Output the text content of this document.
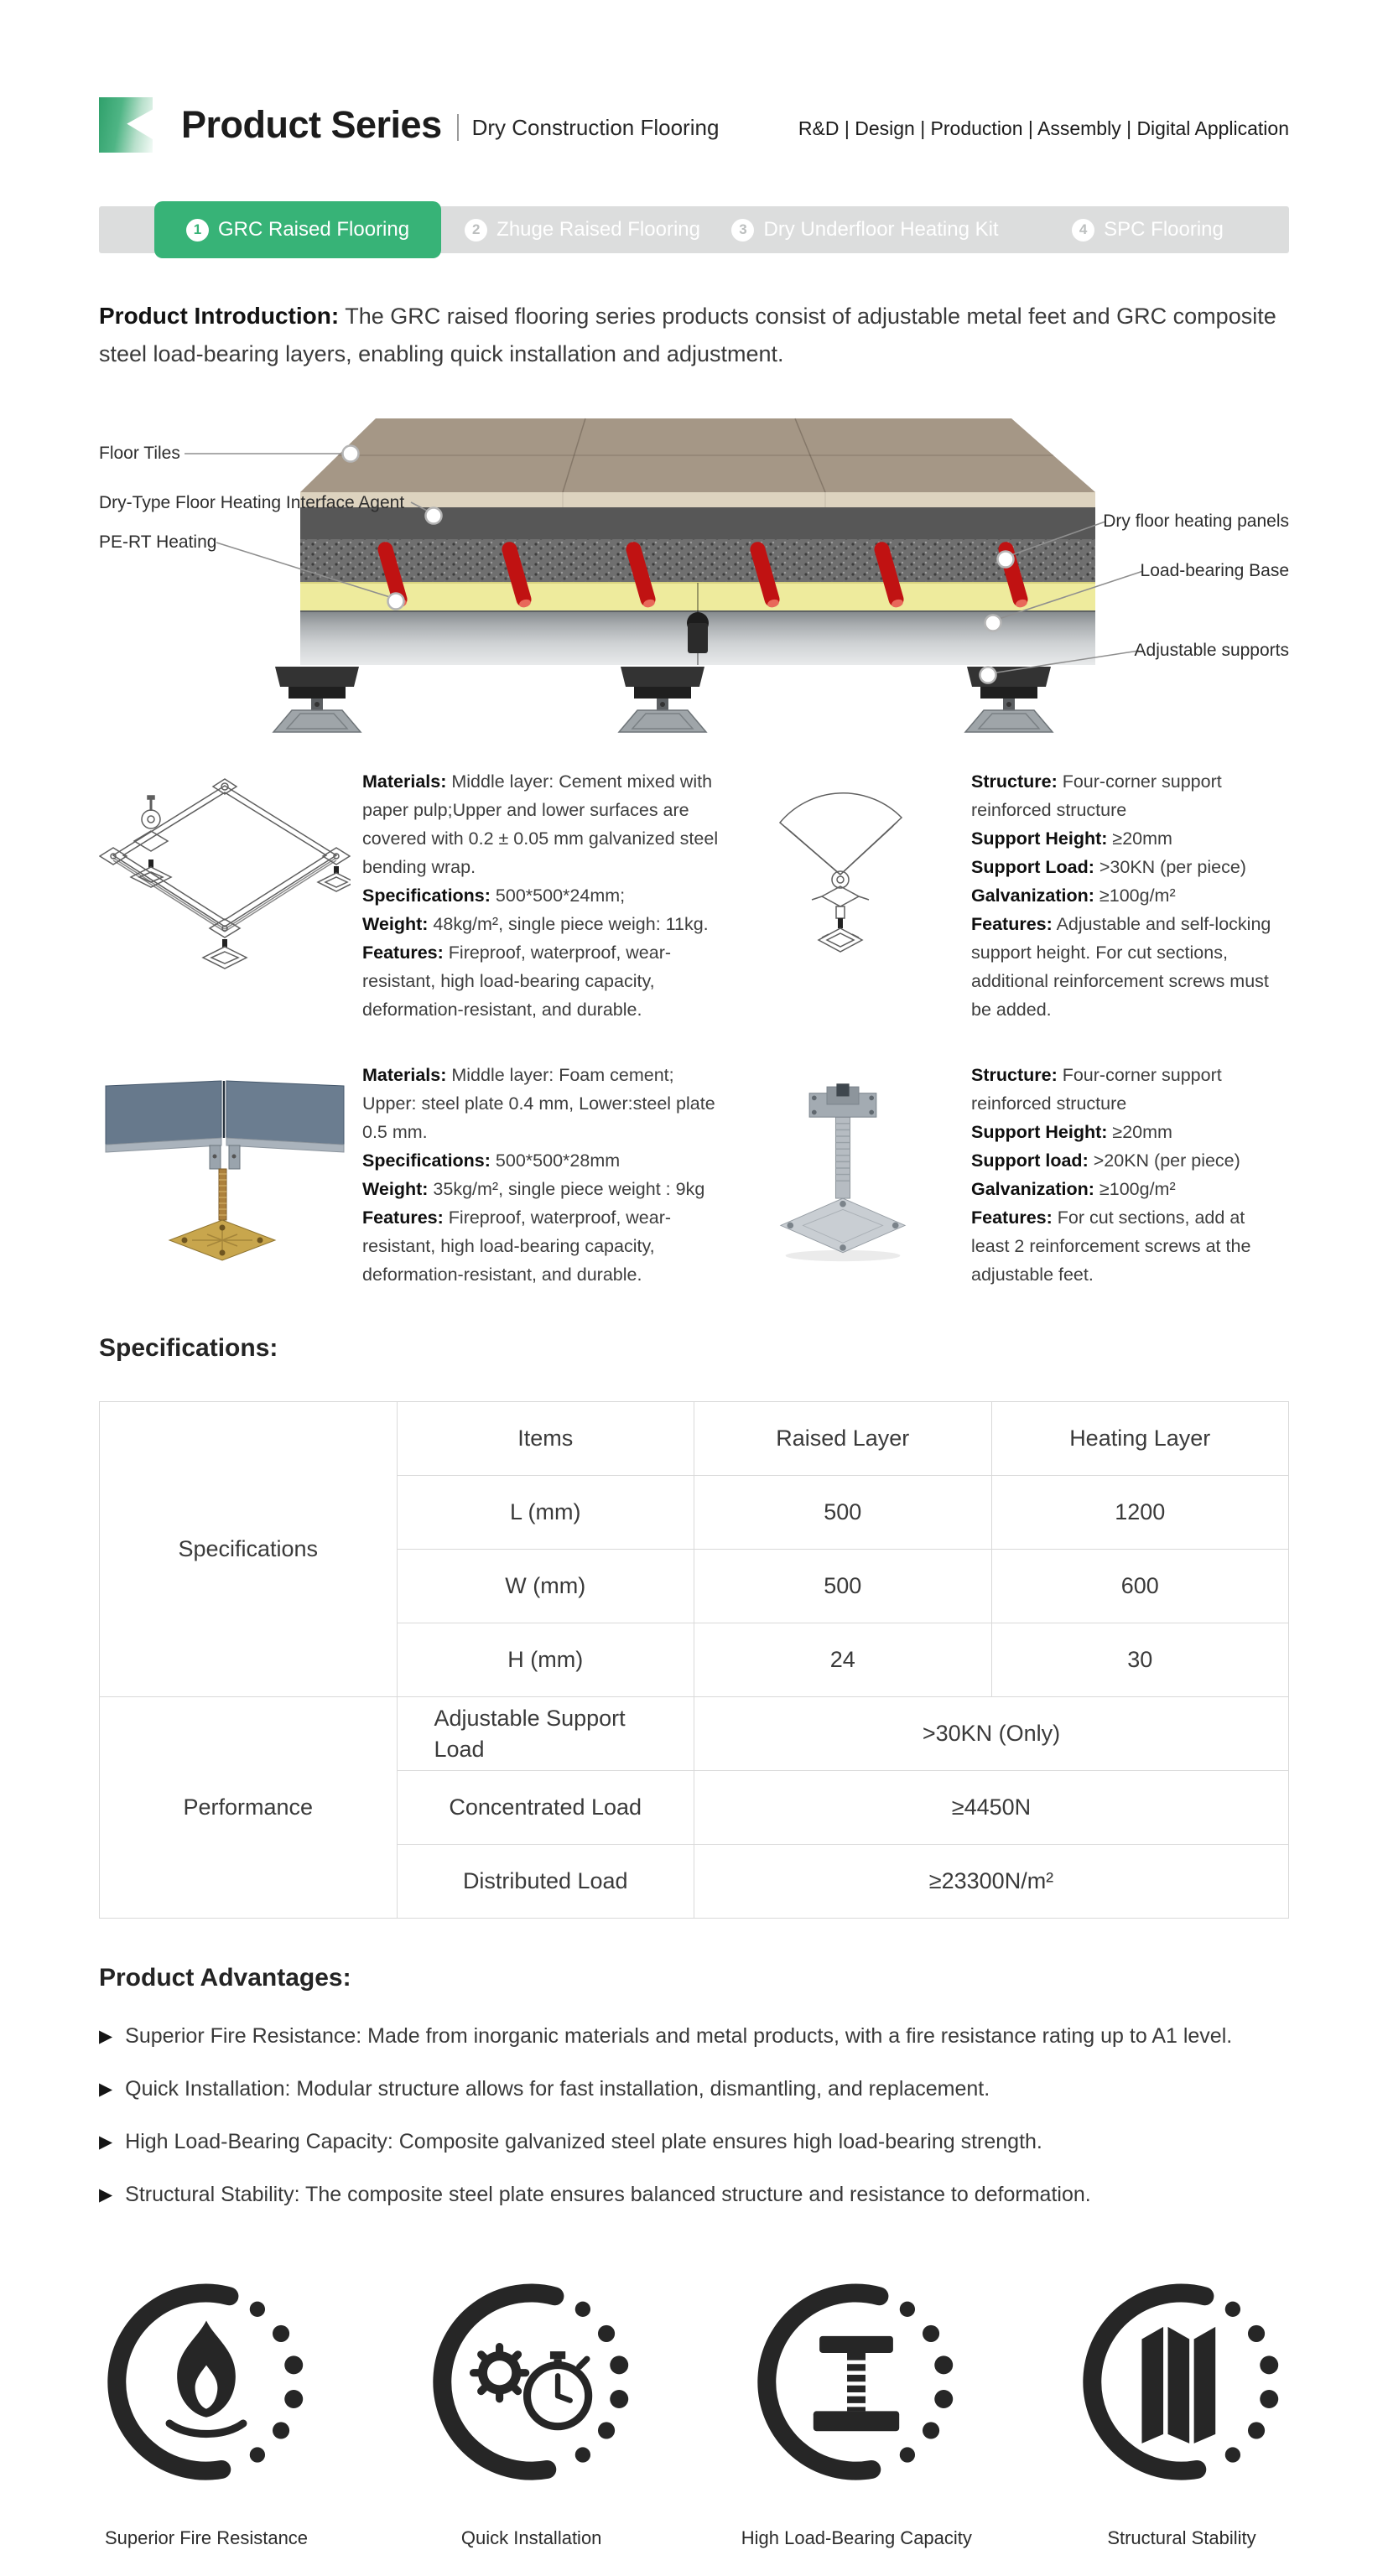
Product Series Dry Construction Flooring	R&D | Design | Production | Assembly | Digital Application
1 GRC Raised Flooring	2 Zhuge Raised Flooring	3 Dry Underfloor Heating Kit	4 SPC Flooring
Product Introduction: The GRC raised flooring series products consist of adjustable metal feet and GRC composite steel load-bearing layers, enabling quick installation and adjustment.
Floor Tiles
Dry-Type Floor Heating Interface Agent
PE-RT Heating
Dry floor heating panels
Load-bearing Base
Adjustable supports
Materials: Middle layer: Cement mixed with paper pulp;Upper and lower surfaces are covered with 0.2 ± 0.05 mm galvanized steel bending wrap.
Specifications: 500*500*24mm;
Weight: 48kg/m², single piece weigh: 11kg.
Features: Fireproof, waterproof, wear-resistant, high load-bearing capacity, deformation-resistant, and durable.
Structure: Four-corner support reinforced structure
Support Height: ≥20mm
Support Load: >30KN (per piece)
Galvanization: ≥100g/m²
Features: Adjustable and self-locking support height. For cut sections, additional reinforcement screws must be added.
Materials: Middle layer: Foam cement; Upper: steel plate 0.4 mm, Lower:steel plate 0.5 mm.
Specifications: 500*500*28mm
Weight: 35kg/m², single piece weight : 9kg
Features: Fireproof, waterproof, wear-resistant, high load-bearing capacity, deformation-resistant, and durable.
Structure: Four-corner support reinforced structure
Support Height: ≥20mm
Support load: >20KN (per piece)
Galvanization: ≥100g/m²
Features: For cut sections, add at least 2 reinforcement screws at the adjustable feet.
Specifications:
Specifications	Items	Raised Layer	Heating Layer
	L (mm)	500	1200
	W (mm)	500	600
	H (mm)	24	30
Performance	Adjustable Support Load	>30KN (Only)	
	Concentrated Load	≥4450N	
	Distributed Load	≥23300N/m²	
Product Advantages:
▶ Superior Fire Resistance: Made from inorganic materials and metal products, with a fire resistance rating up to A1 level.
▶ Quick Installation: Modular structure allows for fast installation, dismantling, and replacement.
▶ High Load-Bearing Capacity: Composite galvanized steel plate ensures high load-bearing strength.
▶ Structural Stability: The composite steel plate ensures balanced structure and resistance to deformation.
Superior Fire Resistance	Quick Installation	High Load-Bearing Capacity	Structural Stability
